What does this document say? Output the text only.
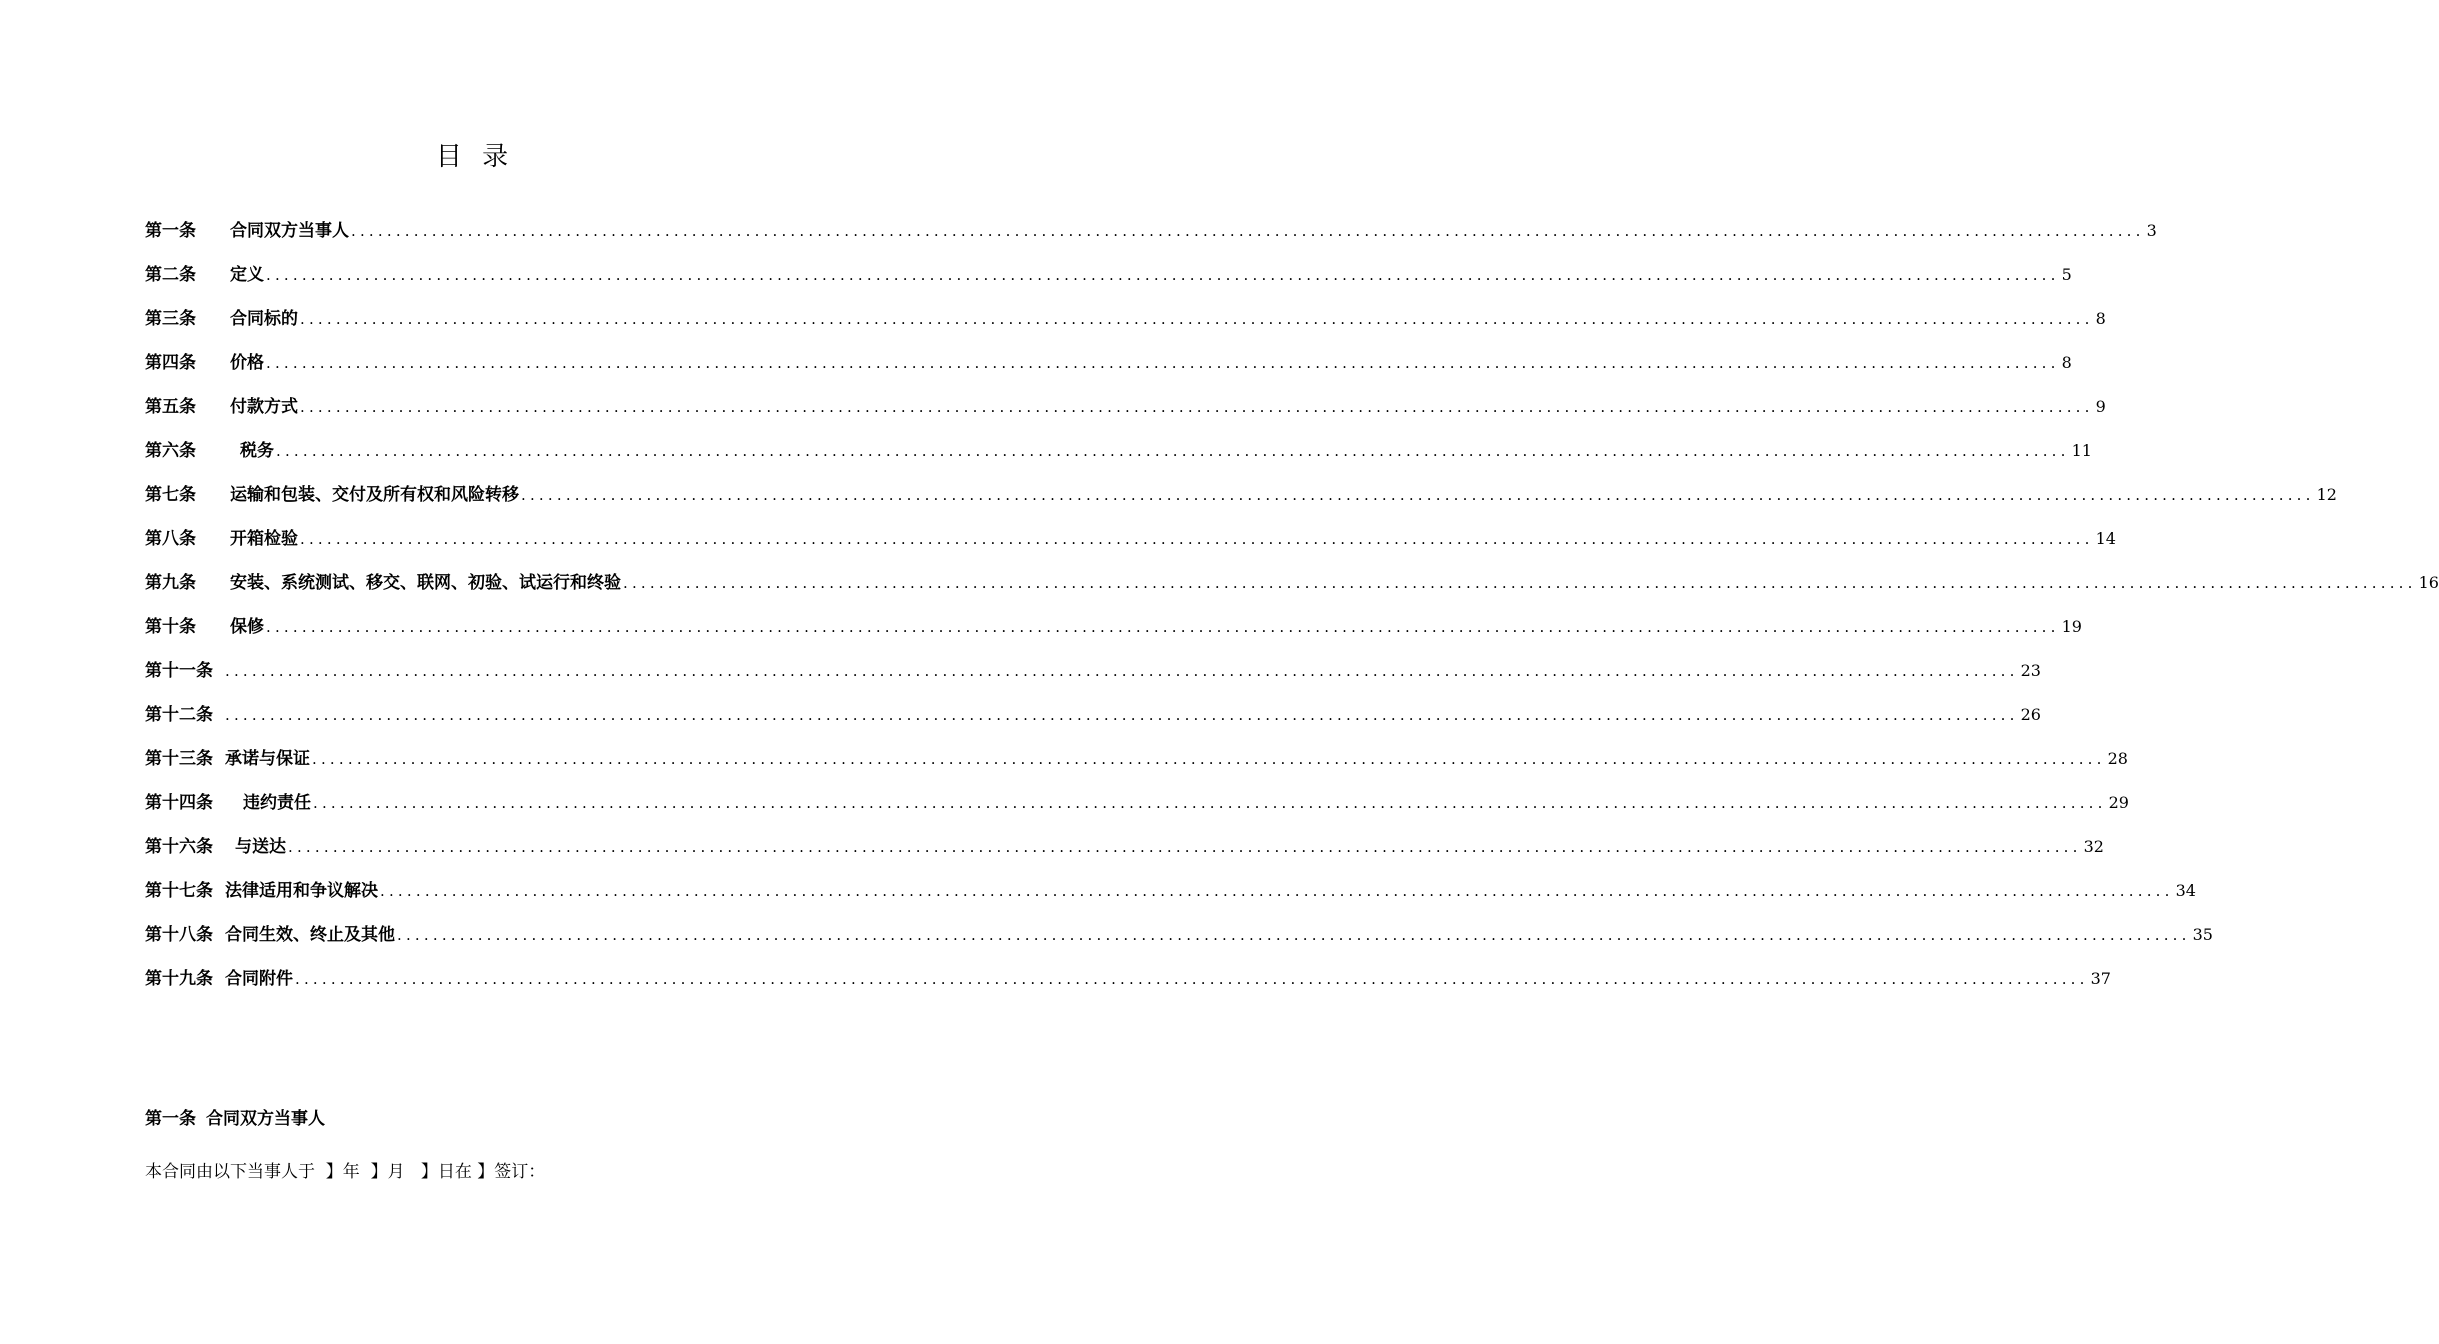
目 录
第一条 合同双方当事人 ........................................................................................................................................................................................................ 3
第二条 定义 ........................................................................................................................................................................................................ 5
第三条 合同标的 ........................................................................................................................................................................................................ 8
第四条 价格 ........................................................................................................................................................................................................ 8
第五条 付款方式 ........................................................................................................................................................................................................ 9
第六条	税务 ........................................................................................................................................................................................................ 11
第七条 运输和包装、交付及所有权和风险转移 ........................................................................................................................................................................................................ 12
第八条 开箱检验 ........................................................................................................................................................................................................ 14
第九条 安装、系统测试、移交、联网、初验、试运行和终验 ........................................................................................................................................................................................................ 16
第十条 保修 ........................................................................................................................................................................................................ 19
第十一条 ........................................................................................................................................................................................................ 23
第十二条 ........................................................................................................................................................................................................ 26
第十三条 承诺与保证 ........................................................................................................................................................................................................ 28
第十四条 违约责任 ........................................................................................................................................................................................................ 29
第十六条 与送达 ........................................................................................................................................................................................................ 32
第十七条 法律适用和争议解决 ........................................................................................................................................................................................................ 34
第十八条 合同生效、终止及其他 ........................................................................................................................................................................................................ 35
第十九条 合同附件 ........................................................................................................................................................................................................ 37
第一条 合同双方当事人
本合同由以下当事人于  】年  】月   】日在 】签订：
